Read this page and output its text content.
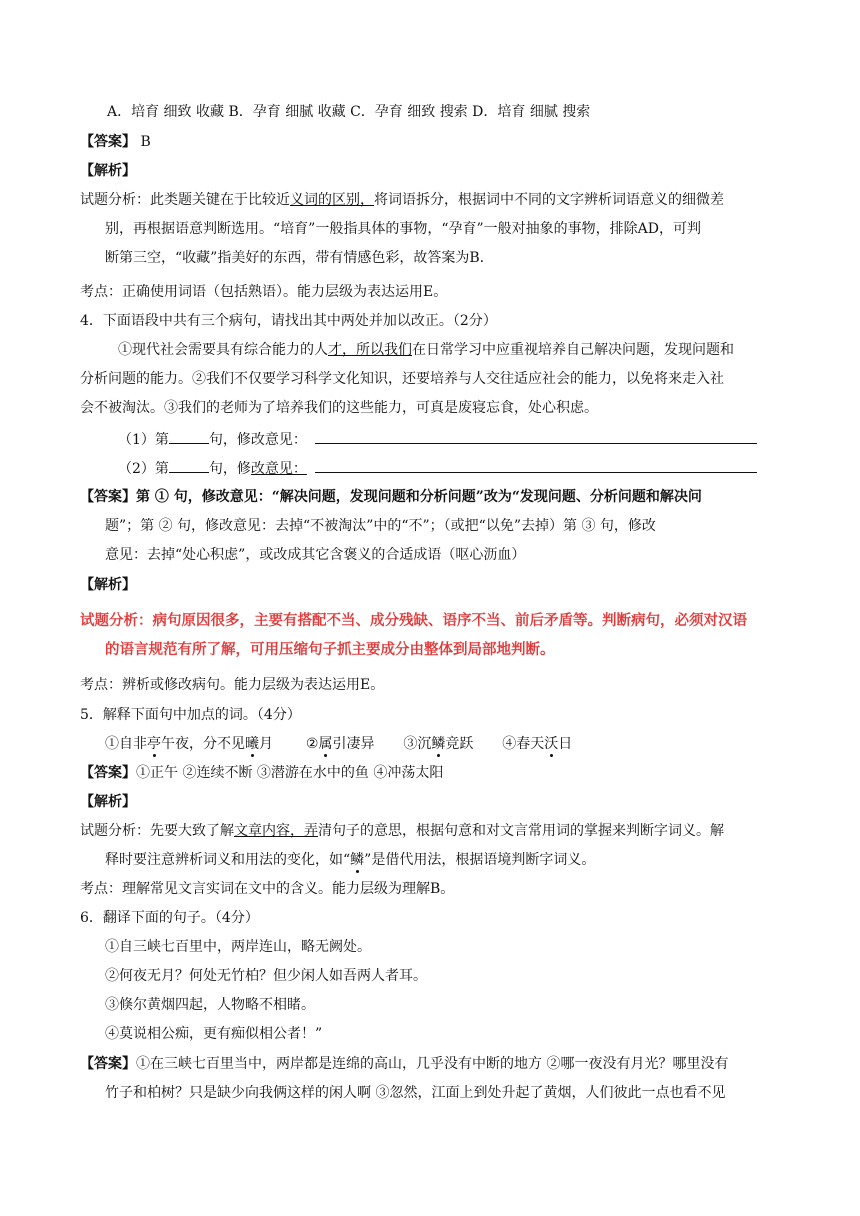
A．培育 细致 收藏 B．孕育 细腻 收藏 C．孕育 细致 搜索 D．培育 细腻 搜索
【答案】 B
【解析】
试题分析：此类题关键在于比较近义词的区别，将词语拆分，根据词中不同的文字辨析词语意义的细微差
别，再根据语意判断选用。“培育”一般指具体的事物，“孕育”一般对抽象的事物，排除AD，可判
断第三空，“收藏”指美好的东西，带有情感色彩，故答案为B.
考点：正确使用词语（包括熟语）。能力层级为表达运用E。
4．下面语段中共有三个病句，请找出其中两处并加以改正。（2分）
①现代社会需要具有综合能力的人才，所以我们在日常学习中应重视培养自己解决问题，发现问题和
分析问题的能力。②我们不仅要学习科学文化知识，还要培养与人交往适应社会的能力，以免将来走入社
会不被淘汰。③我们的老师为了培养我们的这些能力，可真是废寝忘食，处心积虑。
（1）第	句，修改意见：
（2）第	句，修改意见：
【答案】第 ① 句，修改意见：“解决问题，发现问题和分析问题”改为“发现问题、分析问题和解决问
题”；第 ② 句，修改意见：去掉“不被淘汰”中的“不”；（或把“以免”去掉）第 ③ 句，修改
意见：去掉“处心积虑”，或改成其它含褒义的合适成语（呕心沥血）
【解析】
试题分析：病句原因很多，主要有搭配不当、成分残缺、语序不当、前后矛盾等。判断病句，必须对汉语
的语言规范有所了解，可用压缩句子抓主要成分由整体到局部地判断。
考点：辨析或修改病句。能力层级为表达运用E。
5．解释下面句中加点的词。（4分）
①自非亭午夜，分不见曦月 ②属引凄异 ③沉鳞竞跃 ④春天沃日
【答案】①正午 ②连续不断 ③潜游在水中的鱼 ④冲荡太阳
【解析】
试题分析：先要大致了解文章内容，弄清句子的意思，根据句意和对文言常用词的掌握来判断字词义。解
释时要注意辨析词义和用法的变化，如“鳞”是借代用法，根据语境判断字词义。
考点：理解常见文言实词在文中的含义。能力层级为理解B。
6．翻译下面的句子。（4分）
①自三峡七百里中，两岸连山，略无阙处。
②何夜无月？何处无竹柏？但少闲人如吾两人者耳。
③倏尔黄烟四起，人物略不相睹。
④莫说相公痴，更有痴似相公者！”
【答案】①在三峡七百里当中，两岸都是连绵的高山，几乎没有中断的地方 ②哪一夜没有月光？哪里没有
竹子和柏树？只是缺少向我俩这样的闲人啊 ③忽然，江面上到处升起了黄烟，人们彼此一点也看不见
